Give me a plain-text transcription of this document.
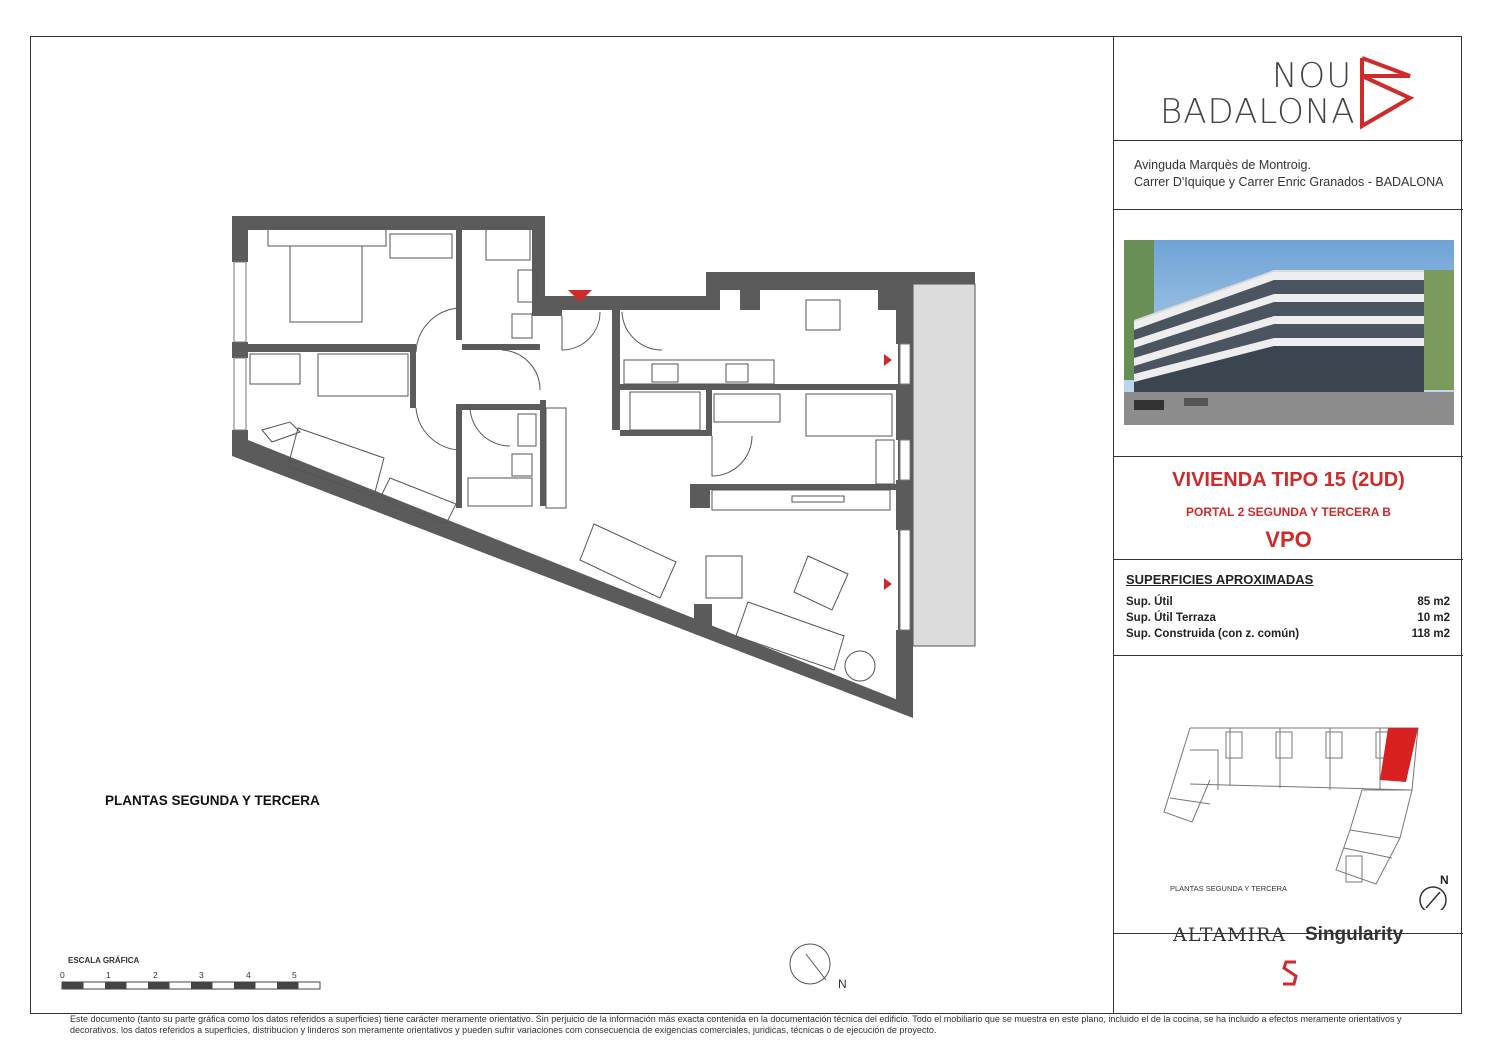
PLANTAS SEGUNDA Y TERCERA
ESCALA GRÁFICA
0	1	2	3	4	5
N
NOU
BADALONA
Avinguda Marquès de Montroig.
Carrer D'Iquique y Carrer Enric Granados - BADALONA
VIVIENDA TIPO 15 (2UD)
PORTAL 2 SEGUNDA Y TERCERA B
VPO
SUPERFICIES APROXIMADAS
Sup. Útil	85 m2
Sup. Útil Terraza	10 m2
Sup. Construida (con z. común)	118 m2
PLANTAS SEGUNDA Y TERCERA
N
ALTAMIRA Singularity
Este documento (tanto su parte gráfica como los datos referidos a superficies) tiene carácter meramente orientativo. Sin perjuicio de la información más exacta contenida en la documentación técnica del edificio. Todo el mobiliario que se muestra en este plano, incluido el de la cocina, se ha incluido a efectos meramente orientativos y decorativos. los datos referidos a superficies, distribucion y linderos son meramente orientativos y pueden sufrir variaciones com consecuencia de exigencias comerciales, juridicas, técnicas o de ejecución de proyecto.
